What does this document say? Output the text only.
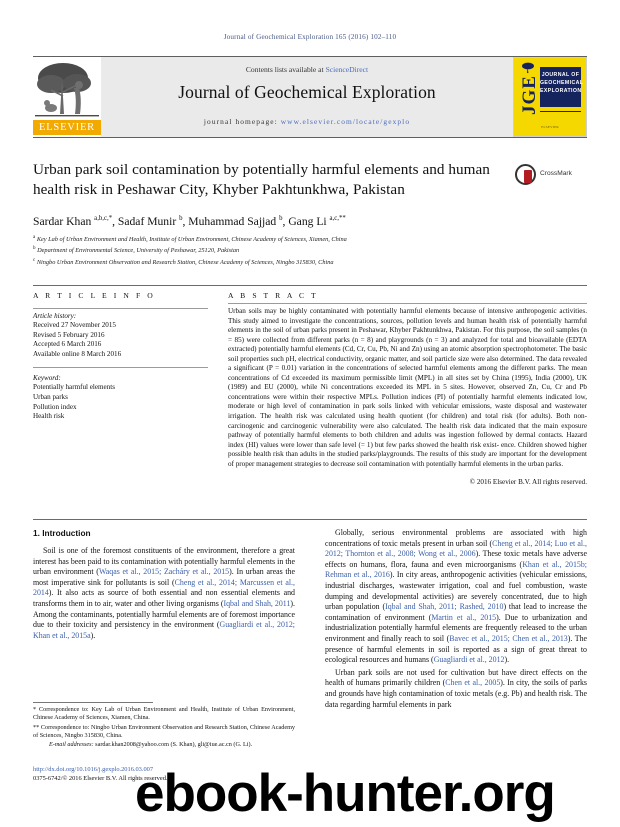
Journal of Geochemical Exploration 165 (2016) 102–110
ELSEVIER
Contents lists available at ScienceDirect
Journal of Geochemical Exploration
journal homepage: www.elsevier.com/locate/gexplo
JGE
JOURNAL OF GEOCHEMICAL EXPLORATION
ELSEVIER
Urban park soil contamination by potentially harmful elements and human health risk in Peshawar City, Khyber Pakhtunkhwa, Pakistan
CrossMark
Sardar Khan $^{a,b,c,*}$, Sadaf Munir $^b$, Muhammad Sajjad $^b$, Gang Li $^{a,c,**}$
$^a$ Key Lab of Urban Environment and Health, Institute of Urban Environment, Chinese Academy of Sciences, Xiamen, China
$^b$ Department of Environmental Science, University of Peshawar, 25120, Pakistan
$^c$ Ningbo Urban Environment Observation and Research Station, Chinese Academy of Sciences, Ningbo 315830, China
A R T I C L E I N F O	A B S T R A C T
Article history:
Received 27 November 2015
Revised 5 February 2016
Accepted 6 March 2016
Available online 8 March 2016
Keyword:
Potentially harmful elements
Urban parks
Pollution index
Health risk
Urban soils may be highly contaminated with potentially harmful elements because of intensive anthropogenic activities. This study aimed to investigate the concentrations, sources, pollution levels and human health risk of potentially harmful elements in the soil of urban parks present in Peshawar, Khyber Pakhtunkhwa, Pakistan. For this purpose, the soil samples (n = 85) were collected from different parks (n = 8) and playgrounds (n = 3) and analyzed for total and bioavailable (EDTA extracted) potentially harmful elements (Cd, Cr, Cu, Pb, Ni and Zn) using an atomic absorption spectrophotometer. The basic soil properties such pH, electrical conductivity, organic matter, and soil particle size were also determined. The data revealed a significant (P = 0.01) variation in the concentrations of selected harmful elements among the different parks. The mean concentrations of Cd exceeded its maximum permissible limit (MPL) in all sites set by China (1995), India (2000), UK (1989) and EU (2000), while Ni concentrations exceeded its MPL in 5 sites. However, observed Zn, Cu, Cr and Pb concentrations were within their respective MPLs. Pollution indices (PI) of potentially harmful elements indicated low, moderate or high level of contamination in park soils linked with vehicular emissions, waste disposal and wastewater irrigation. The health risk was calculated using health quotient (for children) and total risk (for adults). Both non-carcinogenic and carcinogenic vulnerability were also calculated. The health risk data indicated that the main exposure pathway of potentially harmful elements to both children and adults was ingestion followed by dermal contacts. Hazard index (HI) values were lower than safe level (= 1) but few parks showed the health risk exist- ence. Children showed higher possible health risk than adults in the studied parks/playgrounds. The results of this study are important for the development of proper management strategies to decrease soil contamination with potentially harmful elements in the urban parks.
© 2016 Elsevier B.V. All rights reserved.
1. Introduction

Soil is one of the foremost constituents of the environment, therefore a great interest has been paid to its contamination with potentially harmful elements in the urban environment (Waqas et al., 2015; Zacháry et al., 2015). In urban areas the most imperative sink for pollutants is soil (Cheng et al., 2014; Marcussen et al., 2014). It also acts as source of both essential and non essential elements and transforms them in to air, water and other living organisms (Iqbal and Shah, 2011). Among the contaminants, potentially harmful elements are of foremost importance due to their toxicity and persistency in the environment (Guagliardi et al., 2012; Khan et al., 2015a).

Globally, serious environmental problems are associated with high concentrations of toxic metals present in urban soil (Cheng et al., 2014; Luo et al., 2012; Thornton et al., 2008; Wong et al., 2006). These toxic metals have adverse effects on humans, flora, fauna and even microorganisms (Khan et al., 2015b; Rehman et al., 2016). In city areas, anthropogenic activities (vehicular emissions, industrial discharges, wastewater irrigation, coal and fuel combustion, waste dumping and developmental activities) are severely concentrated, due to high urban population (Iqbal and Shah, 2011; Rashed, 2010) that lead to increase the contamination of environment (Martin et al., 2015). Due to urbanization and industrialization potentially harmful elements are frequently released to the urban environment and finally reach to soil (Bavec et al., 2015; Chen et al., 2013). The presence of harmful elements in soil is reported as a sign of great threat to ecological resources and humans (Guagliardi et al., 2012).

Urban park soils are not used for cultivation but have direct effects on the health of humans primarily children (Chen et al., 2005). In city, the soils of parks and grounds have high contamination of toxic metals (e.g. Pb) and health risk. The data regarding harmful elements in park

* Correspondence to: Key Lab of Urban Environment and Health, Institute of Urban Environment, Chinese Academy of Sciences, Xiamen, China.
** Correspondence to: Ningbo Urban Environment Observation and Research Station, Chinese Academy of Sciences, Ningbo 315830, China.
E-mail addresses: sardar.khan2008@yahoo.com (S. Khan), gli@iue.ac.cn (G. Li).
http://dx.doi.org/10.1016/j.gexplo.2016.03.007
0375-6742/© 2016 Elsevier B.V. All rights reserved.
ebook-hunter.org
